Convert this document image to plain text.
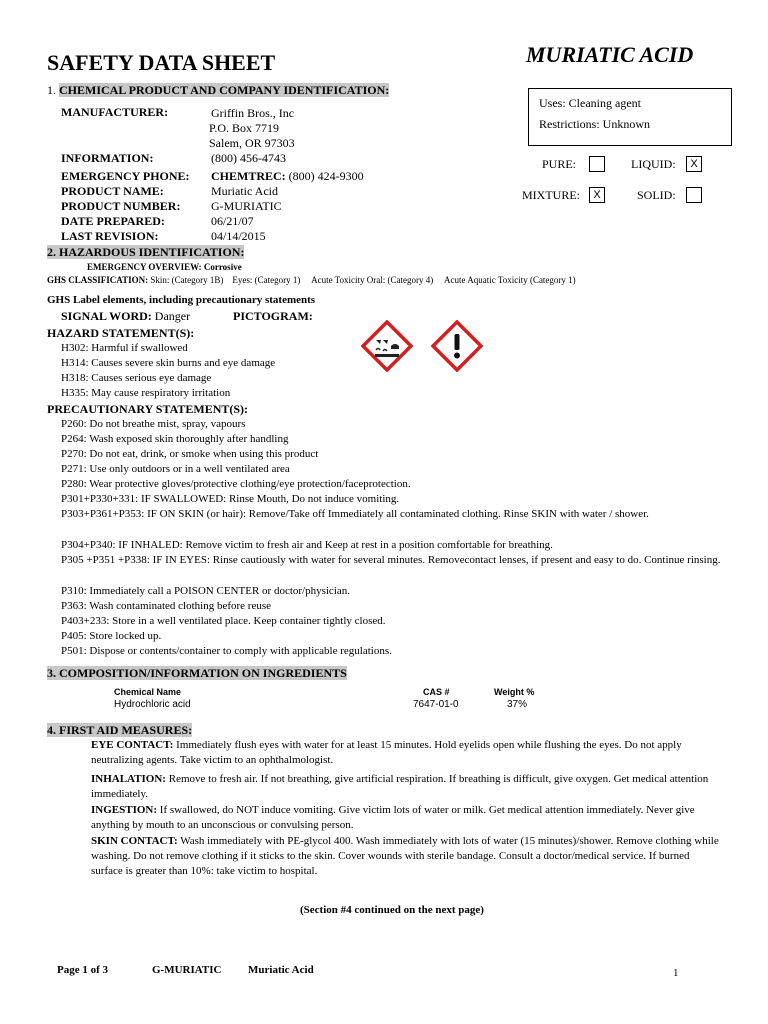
SAFETY DATA SHEET	MURIATIC ACID
Uses: Cleaning agent
Restrictions: Unknown
PURE:	LIQUID:	X
MIXTURE:	X	SOLID:
1. CHEMICAL PRODUCT AND COMPANY IDENTIFICATION:
MANUFACTURER:	Griffin Bros., Inc
P.O. Box 7719
Salem, OR 97303
INFORMATION:	(800) 456-4743
EMERGENCY PHONE: CHEMTREC: (800) 424-9300
PRODUCT NAME:	Muriatic Acid
PRODUCT NUMBER:	G-MURIATIC
DATE PREPARED:	06/21/07
LAST REVISION:	04/14/2015
2. HAZARDOUS IDENTIFICATION:
EMERGENCY OVERVIEW: Corrosive
GHS CLASSIFICATION: Skin: (Category 1B)    Eyes: (Category 1)     Acute Toxicity Oral: (Category 4)     Acute Aquatic Toxicity (Category 1)
GHS Label elements, including precautionary statements
SIGNAL WORD: Danger	PICTOGRAM:
HAZARD STATEMENT(S):
H302: Harmful if swallowed
H314: Causes severe skin burns and eye damage
H318: Causes serious eye damage
H335: May cause respiratory irritation
PRECAUTIONARY STATEMENT(S):
P260: Do not breathe mist, spray, vapours
P264: Wash exposed skin thoroughly after handling
P270: Do not eat, drink, or smoke when using this product
P271: Use only outdoors or in a well ventilated area
P280: Wear protective gloves/protective clothing/eye protection/faceprotection.
P301+P330+331: IF SWALLOWED: Rinse Mouth, Do not induce vomiting.
P303+P361+P353: IF ON SKIN (or hair): Remove/Take off Immediately all contaminated clothing. Rinse SKIN with water / shower.
P304+P340: IF INHALED: Remove victim to fresh air and Keep at rest in a position comfortable for breathing.
P305 +P351 +P338: IF IN EYES: Rinse cautiously with water for several minutes. Removecontact lenses, if present and easy to do. Continue rinsing.
P310: Immediately call a POISON CENTER or doctor/physician.
P363: Wash contaminated clothing before reuse
P403+233: Store in a well ventilated place. Keep container tightly closed.
P405: Store locked up.
P501: Dispose or contents/container to comply with applicable regulations.
3. COMPOSITION/INFORMATION ON INGREDIENTS
Chemical Name	CAS #	Weight %
Hydrochloric acid	7647-01-0	37%
4. FIRST AID MEASURES:
EYE CONTACT: Immediately flush eyes with water for at least 15 minutes. Hold eyelids open while flushing the eyes. Do not apply neutralizing agents. Take victim to an ophthalmologist.
INHALATION: Remove to fresh air. If not breathing, give artificial respiration. If breathing is difficult, give oxygen. Get medical attention immediately.
INGESTION: If swallowed, do NOT induce vomiting. Give victim lots of water or milk. Get medical attention immediately. Never give anything by mouth to an unconscious or convulsing person.
SKIN CONTACT: Wash immediately with PE-glycol 400. Wash immediately with lots of water (15 minutes)/shower. Remove clothing while washing. Do not remove clothing if it sticks to the skin. Cover wounds with sterile bandage. Consult a doctor/medical service. If burned surface is greater than 10%: take victim to hospital.
(Section #4 continued on the next page)
Page 1 of 3	G-MURIATIC Muriatic Acid	1
